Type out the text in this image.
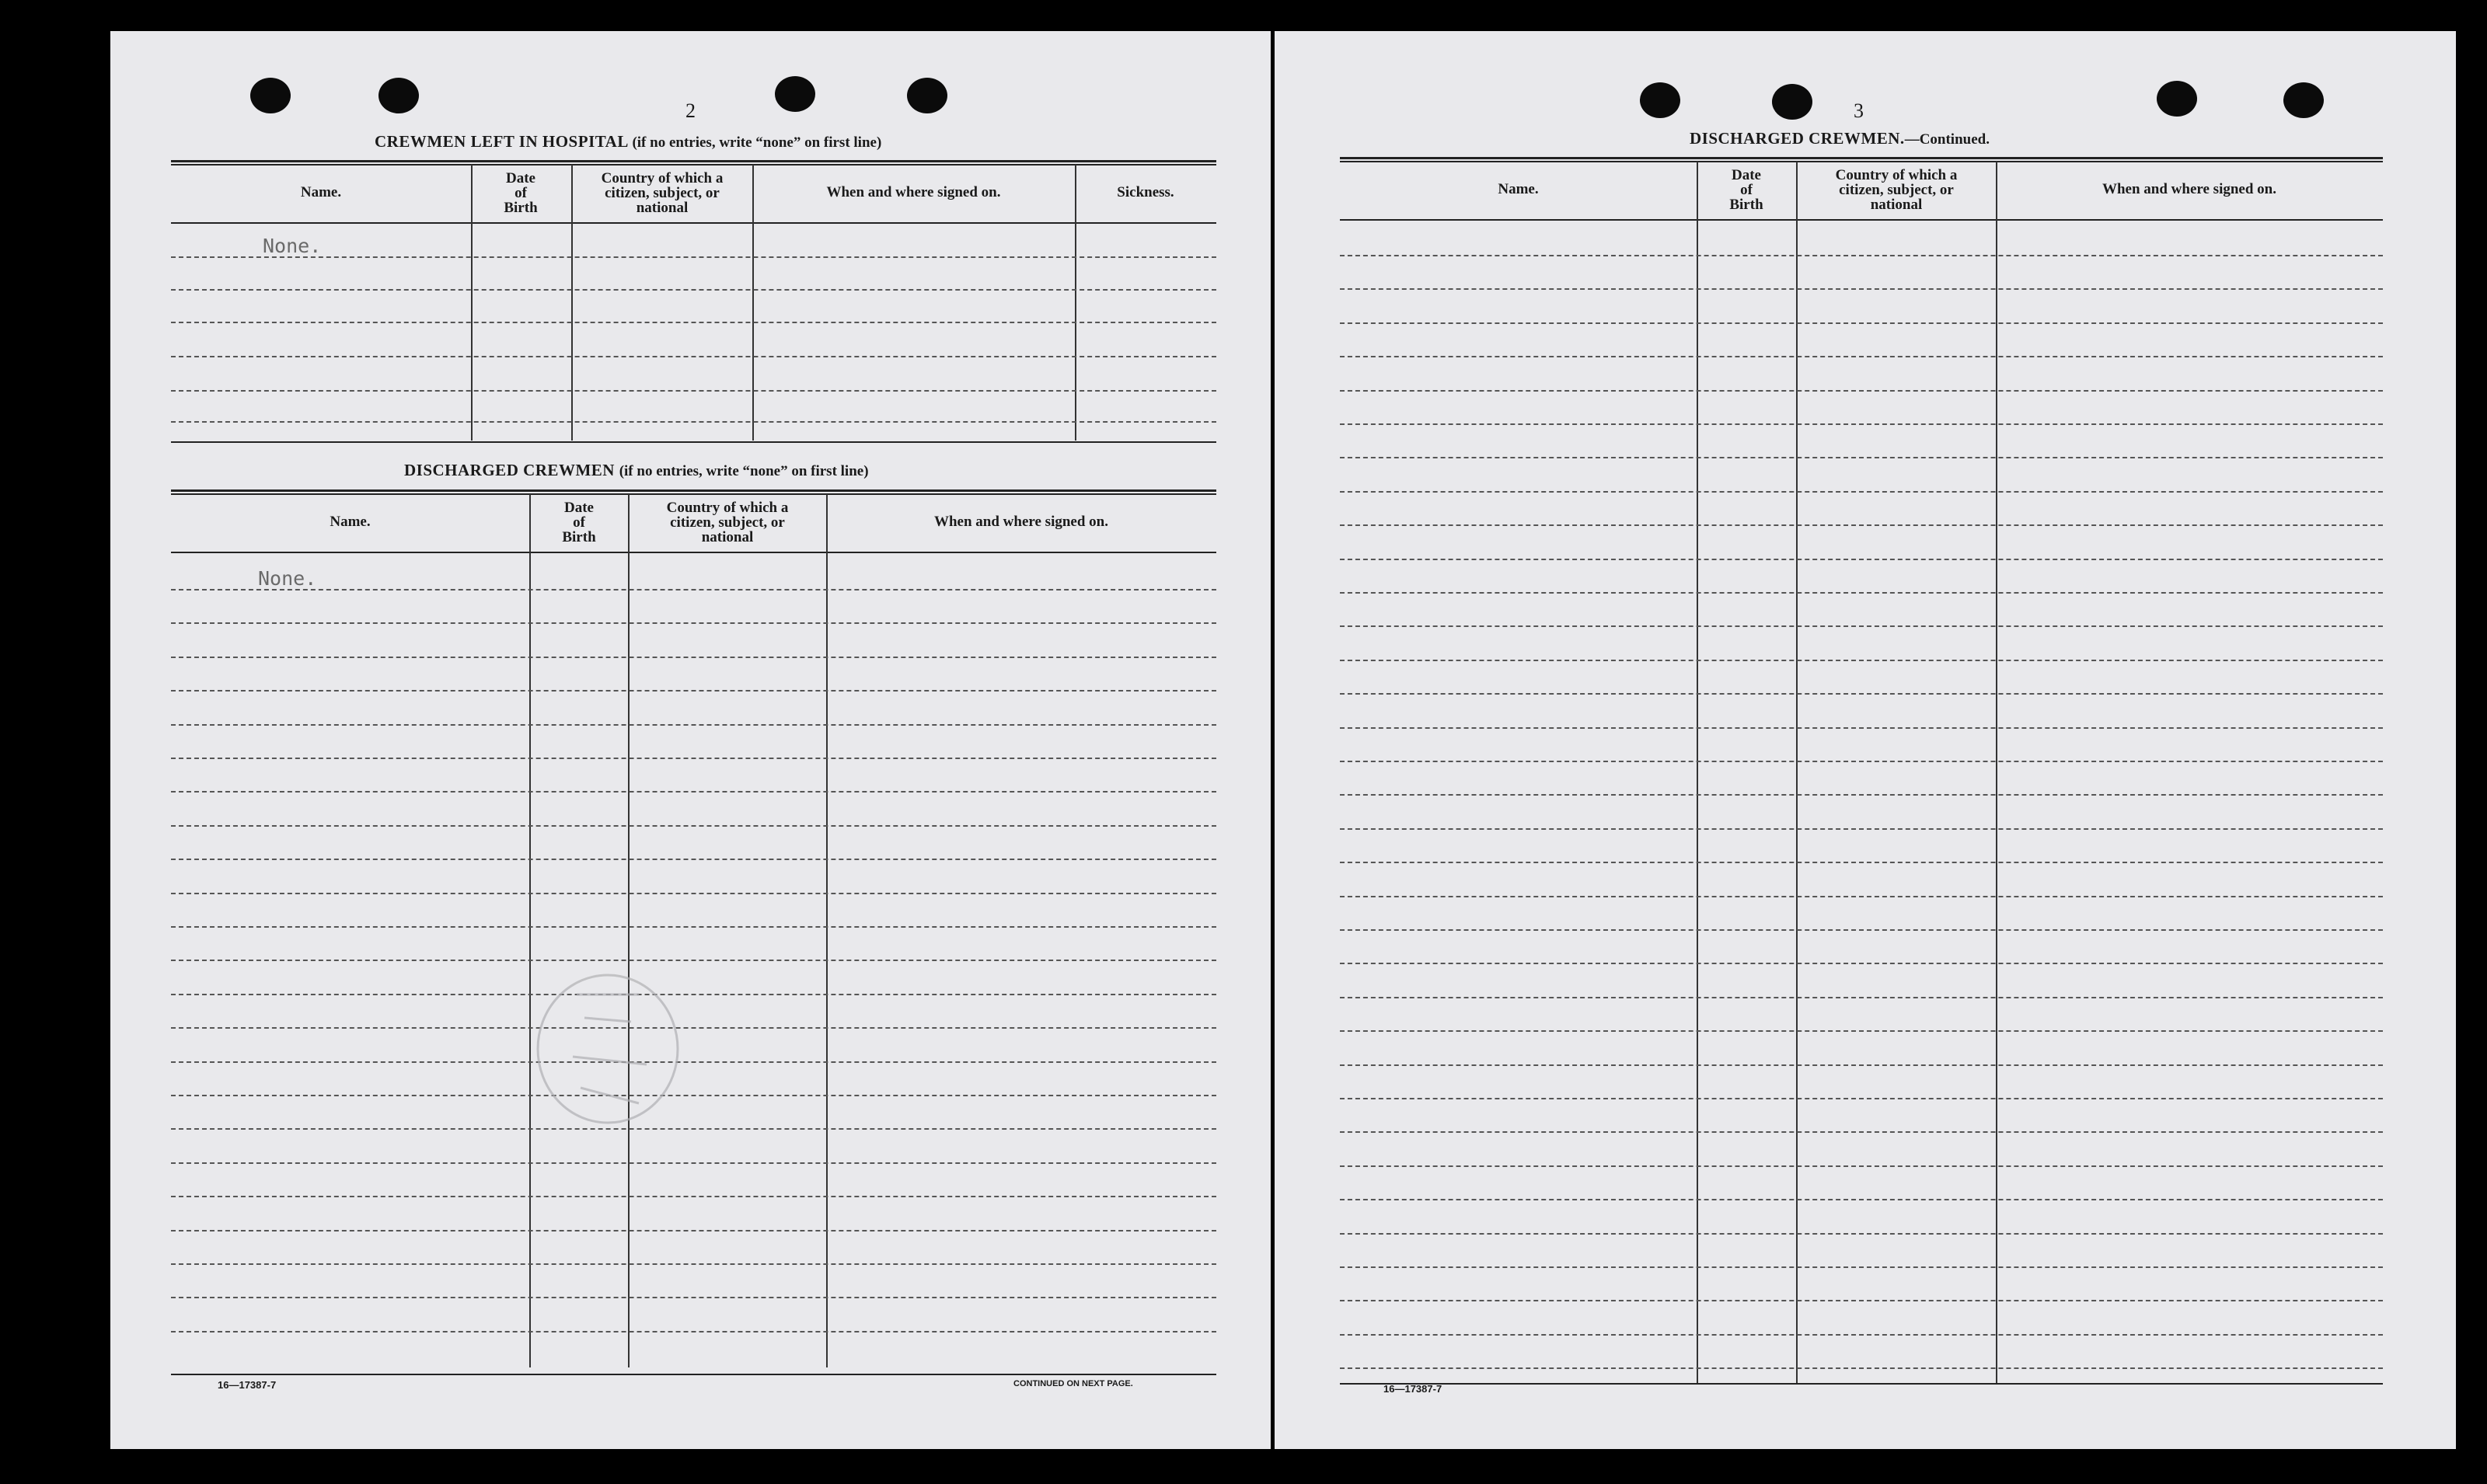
2
CREWMEN LEFT IN HOSPITAL (if no entries, write “none” on first line)
Name.
Date
of
Birth
Country of which a
citizen, subject, or
national
When and where signed on.	Sickness.
None.
DISCHARGED CREWMEN (if no entries, write “none” on first line)
Name.
Date
of
Birth
Country of which a
citizen, subject, or
national
When and where signed on.
None.
16—17387-7	CONTINUED ON NEXT PAGE.
3
DISCHARGED CREWMEN.—Continued.
Name.
Date
of
Birth
Country of which a
citizen, subject, or
national
When and where signed on.
16—17387-7
